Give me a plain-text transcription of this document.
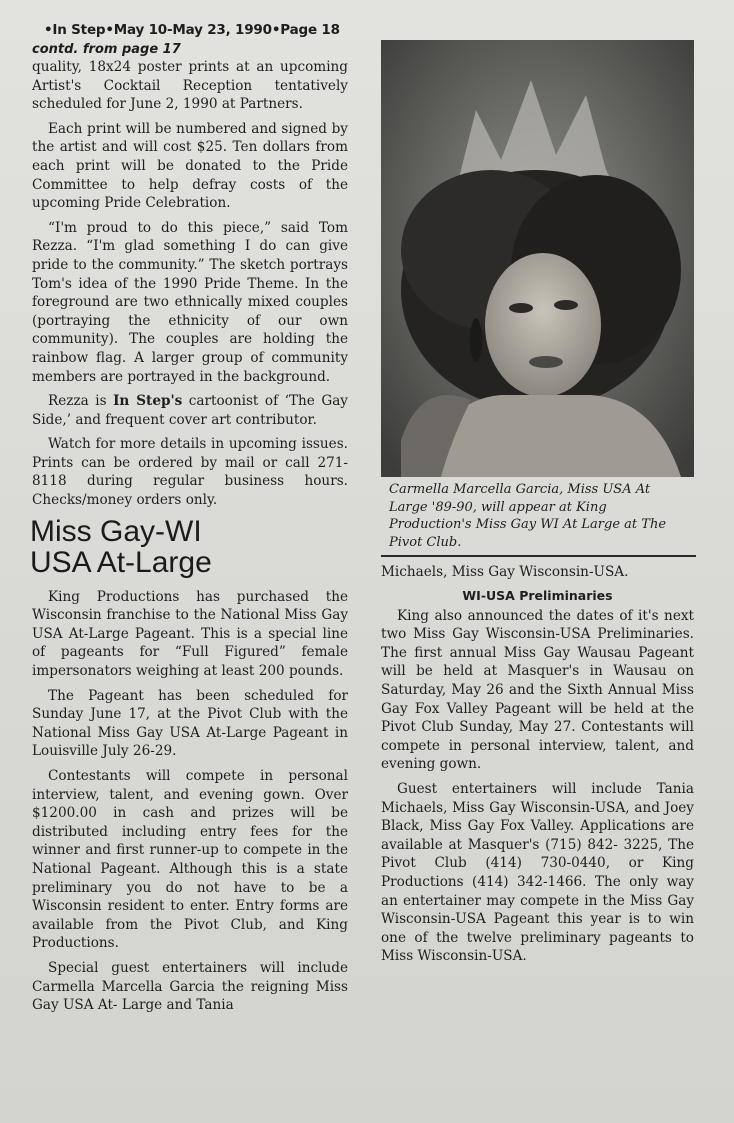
•In Step•May 10-May 23, 1990•Page 18
contd. from page 17

quality, 18x24 poster prints at an upcoming Artist's Cocktail Reception tentatively scheduled for June 2, 1990 at Partners.

Each print will be numbered and signed by the artist and will cost $25. Ten dollars from each print will be donated to the Pride Committee to help defray costs of the upcoming Pride Celebration.

“I'm proud to do this piece,” said Tom Rezza. “I'm glad something I do can give pride to the community.” The sketch portrays Tom's idea of the 1990 Pride Theme. In the foreground are two ethnically mixed couples (portraying the ethnicity of our own community). The couples are holding the rainbow flag. A larger group of community members are portrayed in the background.

Rezza is In Step's cartoonist of ‘The Gay Side,’ and frequent cover art contributor.

Watch for more details in upcoming issues. Prints can be ordered by mail or call 271-8118 during regular business hours. Checks/money orders only.

Miss Gay-WI
USA At-Large

King Productions has purchased the Wisconsin franchise to the National Miss Gay USA At-Large Pageant. This is a special line of pageants for “Full Figured” female impersonators weighing at least 200 pounds.

The Pageant has been scheduled for Sunday June 17, at the Pivot Club with the National Miss Gay USA At-Large Pageant in Louisville July 26-29.

Contestants will compete in personal interview, talent, and evening gown. Over $1200.00 in cash and prizes will be distributed including entry fees for the winner and first runner-up to compete in the National Pageant. Although this is a state preliminary you do not have to be a Wisconsin resident to enter. Entry forms are available from the Pivot Club, and King Productions.

Special guest entertainers will include Carmella Marcella Garcia the reigning Miss Gay USA At- Large and Tania

Carmella Marcella Garcia, Miss USA At Large '89-90, will appear at King Production's Miss Gay WI At Large at The Pivot Club.

Michaels, Miss Gay Wisconsin-USA.

WI-USA Preliminaries

King also announced the dates of it's next two Miss Gay Wisconsin-USA Preliminaries. The first annual Miss Gay Wausau Pageant will be held at Masquer's in Wausau on Saturday, May 26 and the Sixth Annual Miss Gay Fox Valley Pageant will be held at the Pivot Club Sunday, May 27. Contestants will compete in personal interview, talent, and evening gown.

Guest entertainers will include Tania Michaels, Miss Gay Wisconsin-USA, and Joey Black, Miss Gay Fox Valley. Applications are available at Masquer's (715) 842- 3225, The Pivot Club (414) 730-0440, or King Productions (414) 342-1466. The only way an entertainer may compete in the Miss Gay Wisconsin-USA Pageant this year is to win one of the twelve preliminary pageants to Miss Wisconsin-USA.
